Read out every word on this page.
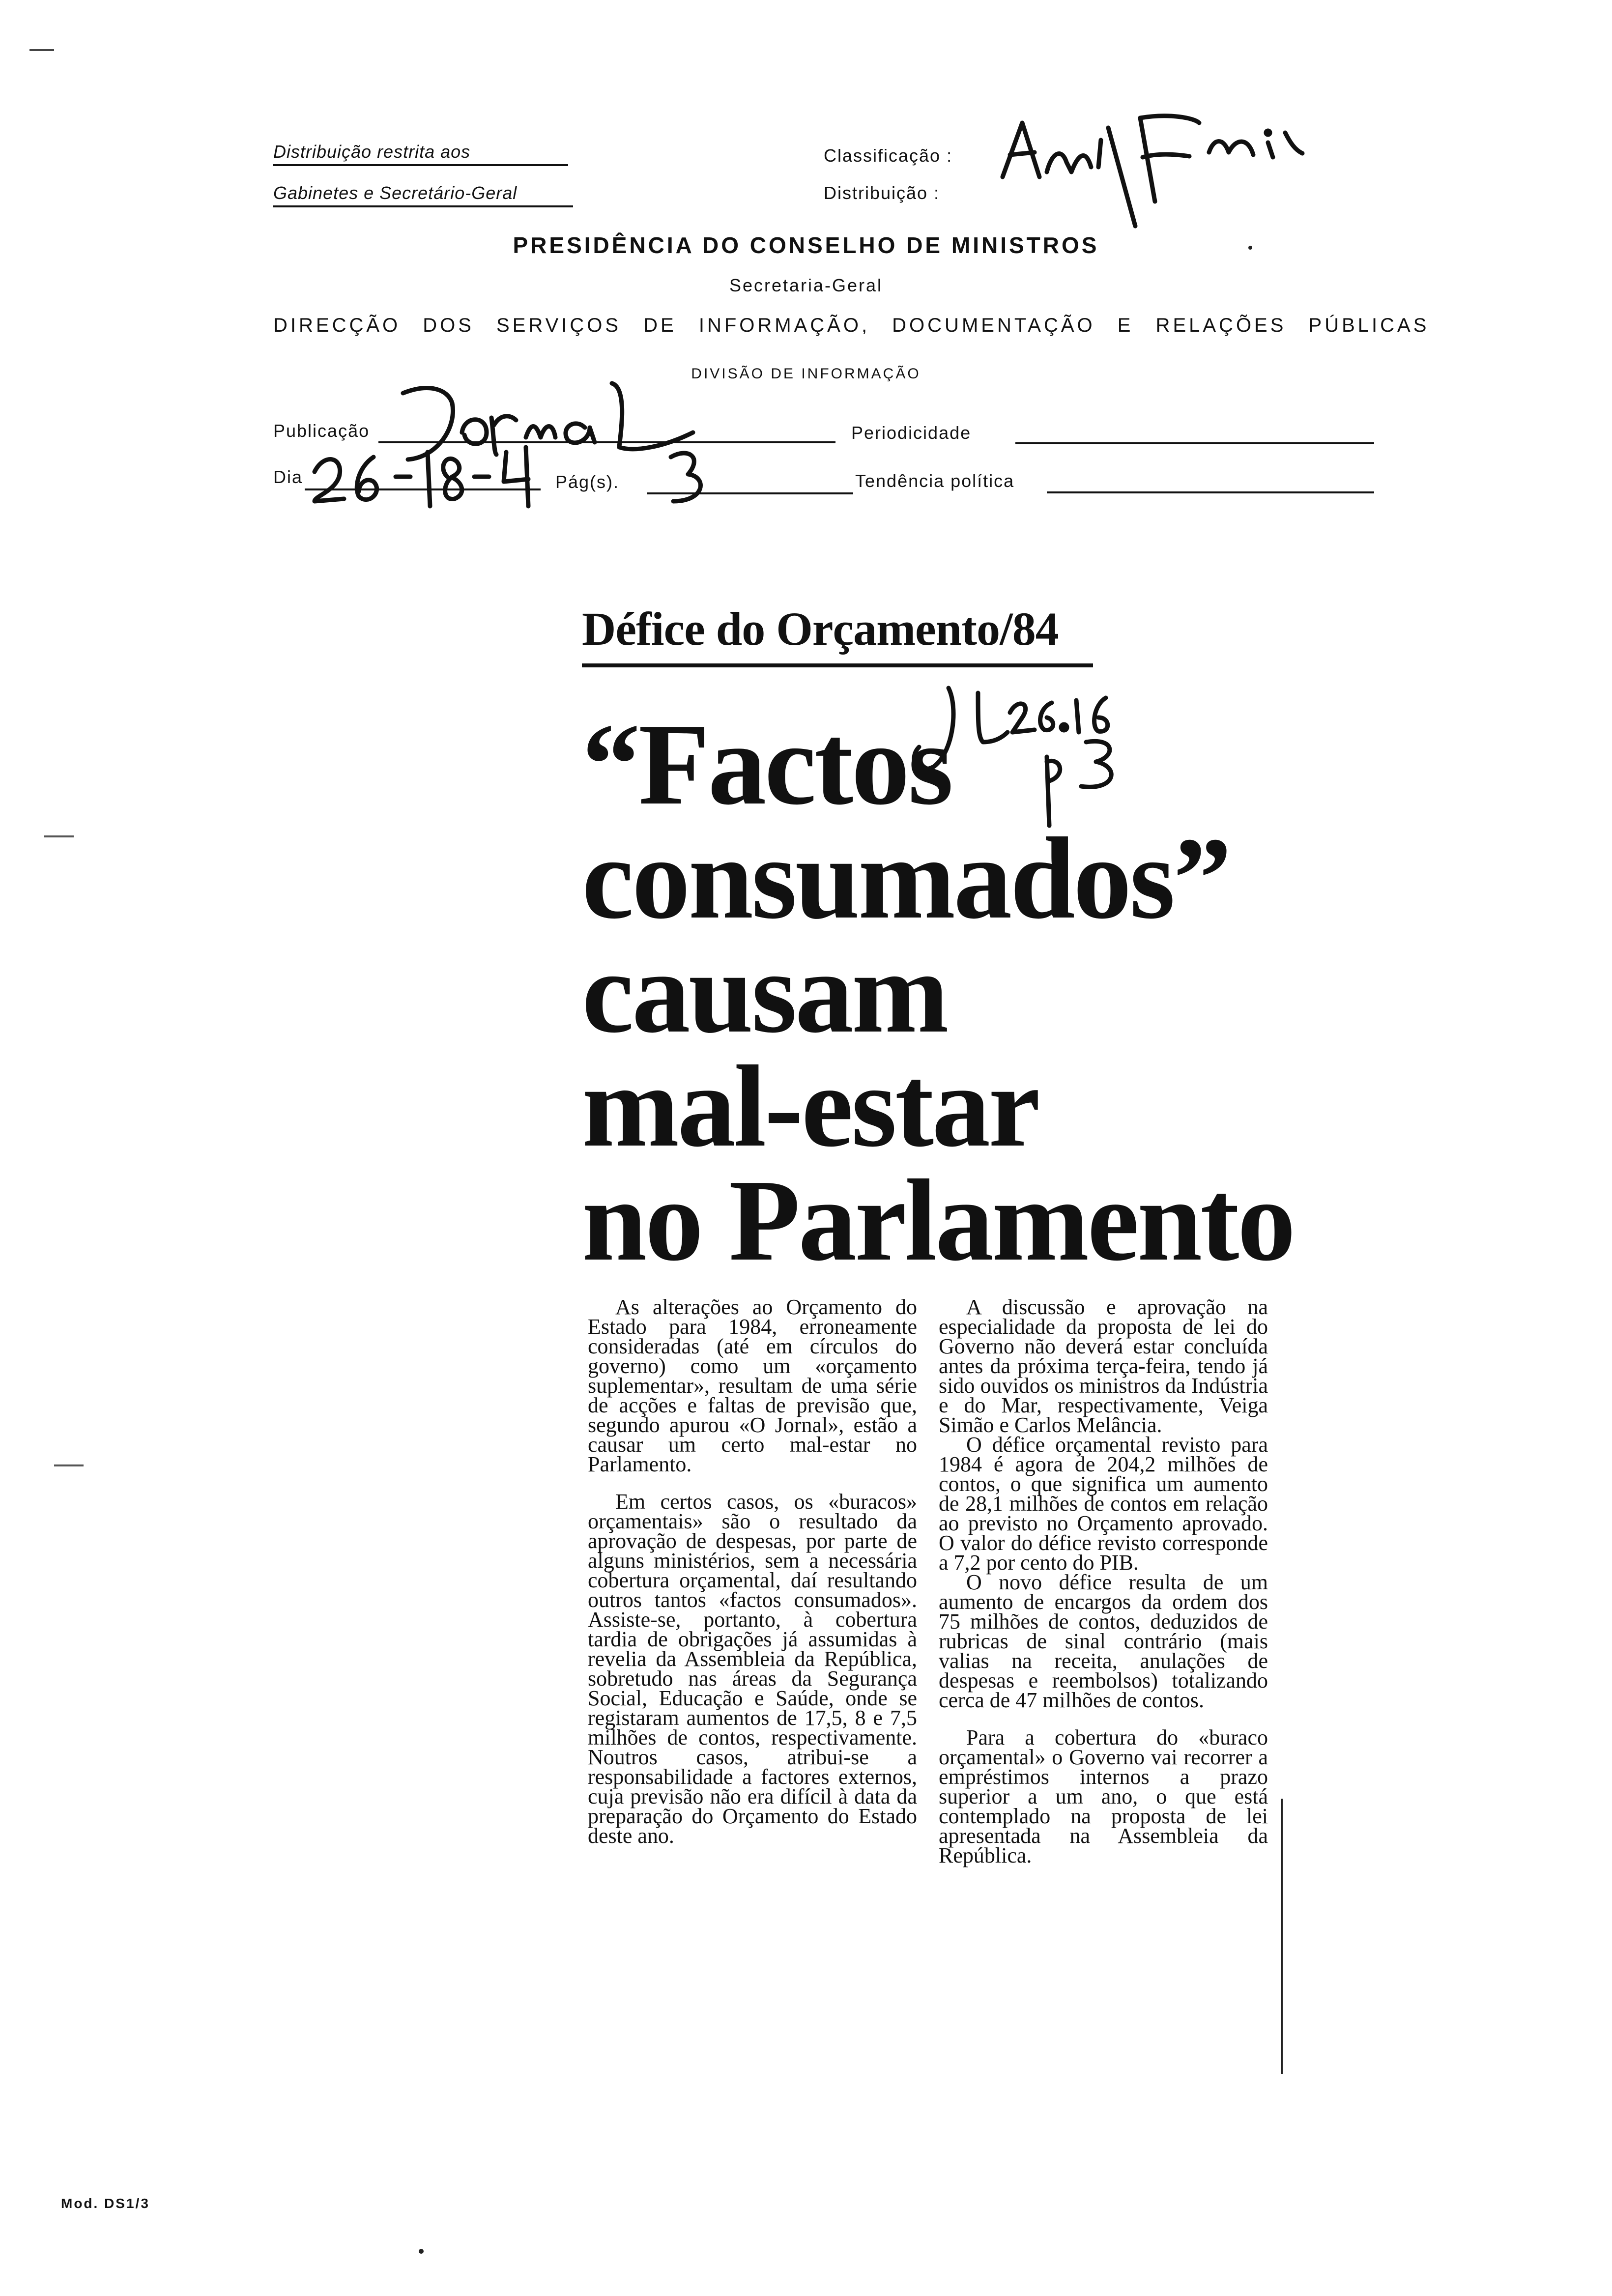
Distribuição restrita aos
Gabinetes e Secretário-Geral
Classificação :
Distribuição :
PRESIDÊNCIA DO CONSELHO DE MINISTROS
Secretaria-Geral
DIRECÇÃO DOS SERVIÇOS DE INFORMAÇÃO, DOCUMENTAÇÃO E RELAÇÕES PÚBLICAS
DIVISÃO DE INFORMAÇÃO
Publicação	Periodicidade
Dia	Pág(s).	Tendência política
Défice do Orçamento/84
“Factos
consumados”
causam
mal-estar
no Parlamento

As alterações ao Orçamento do Estado para 1984, erroneamente consideradas (até em círculos do governo) como um «orçamento suplementar», resultam de uma série de acções e faltas de previsão que, segundo apurou «O Jornal», estão a causar um certo mal-estar no Parlamento.

Em certos casos, os «buracos» orçamentais» são o resultado da aprovação de despesas, por parte de alguns ministérios, sem a necessária cobertura orçamental, daí resultando outros tantos «factos consumados». Assiste-se, portanto, à cobertura tardia de obrigações já assumidas à revelia da Assembleia da República, sobretudo nas áreas da Segurança Social, Educação e Saúde, onde se registaram aumentos de 17,5, 8 e 7,5 milhões de contos, respectivamente. Noutros casos, atribui-se a responsabilidade a factores externos, cuja previsão não era difícil à data da preparação do Orçamento do Estado deste ano.

A discussão e aprovação na especialidade da proposta de lei do Governo não deverá estar concluída antes da próxima terça-feira, tendo já sido ouvidos os ministros da Indústria e do Mar, respectivamente, Veiga Simão e Carlos Melância.

O défice orçamental revisto para 1984 é agora de 204,2 milhões de contos, o que significa um aumento de 28,1 milhões de contos em relação ao previsto no Orçamento aprovado. O valor do défice revisto corresponde a 7,2 por cento do PIB.

O novo défice resulta de um aumento de encargos da ordem dos 75 milhões de contos, deduzidos de rubricas de sinal contrário (mais valias na receita, anulações de despesas e reembolsos) totalizando cerca de 47 milhões de contos.

Para a cobertura do «buraco orçamental» o Governo vai recorrer a empréstimos internos a prazo superior a um ano, o que está contemplado na proposta de lei apresentada na Assembleia da República.

Mod. DS1/3
